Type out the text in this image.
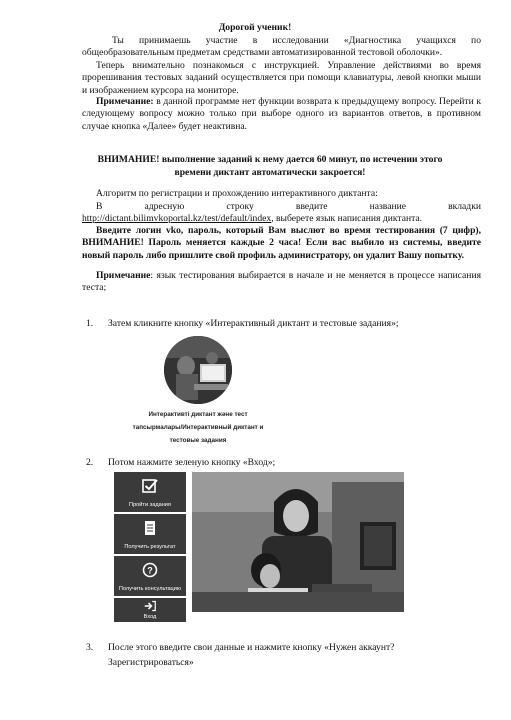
Дорогой ученик!
Ты принимаешь участие в исследовании «Диагностика учащихся по общеобразовательным предметам средствами автоматизированной тестовой оболочки».
Теперь внимательно познакомься с инструкцией. Управление действиями во время прорешивания тестовых заданий осуществляется при помощи клавиатуры, левой кнопки мыши и изображением курсора на мониторе.
Примечание: в данной программе нет функции возврата к предыдущему вопросу. Перейти к следующему вопросу можно только при выборе одного из вариантов ответов, в противном случае кнопка «Далее» будет неактивна.
ВНИМАНИЕ! выполнение заданий к нему дается 60 минут, по истечении этого
времени диктант автоматически закроется!
Алгоритм по регистрации и прохождению интерактивного диктанта:
В адресную строку введите название вкладки
http://dictant.bilimvkoportal.kz/test/default/index, выберете язык написания диктанта.
Введите логин vko, пароль, который Вам выслют во время тестирования (7 цифр), ВНИМАНИЕ! Пароль меняется каждые 2 часа! Если вас выбило из системы, введите новый пароль либо пришлите свой профиль администратору, он удалит Вашу попытку.
Примечание: язык тестирования выбирается в начале и не меняется в процессе написания теста;
1. Затем кликните кнопку «Интерактивный диктант и тестовые задания»;
Интерактивті диктант және тест
тапсырмалары/Интерактивный диктант и
тестовые задания
2. Потом нажмите зеленую кнопку «Вход»;
Пройти задания
Получить результат
?
Получить консультацию
Вход
3. После этого введите свои данные и нажмите кнопку «Нужен аккаунт?
Зарегистрироваться»
